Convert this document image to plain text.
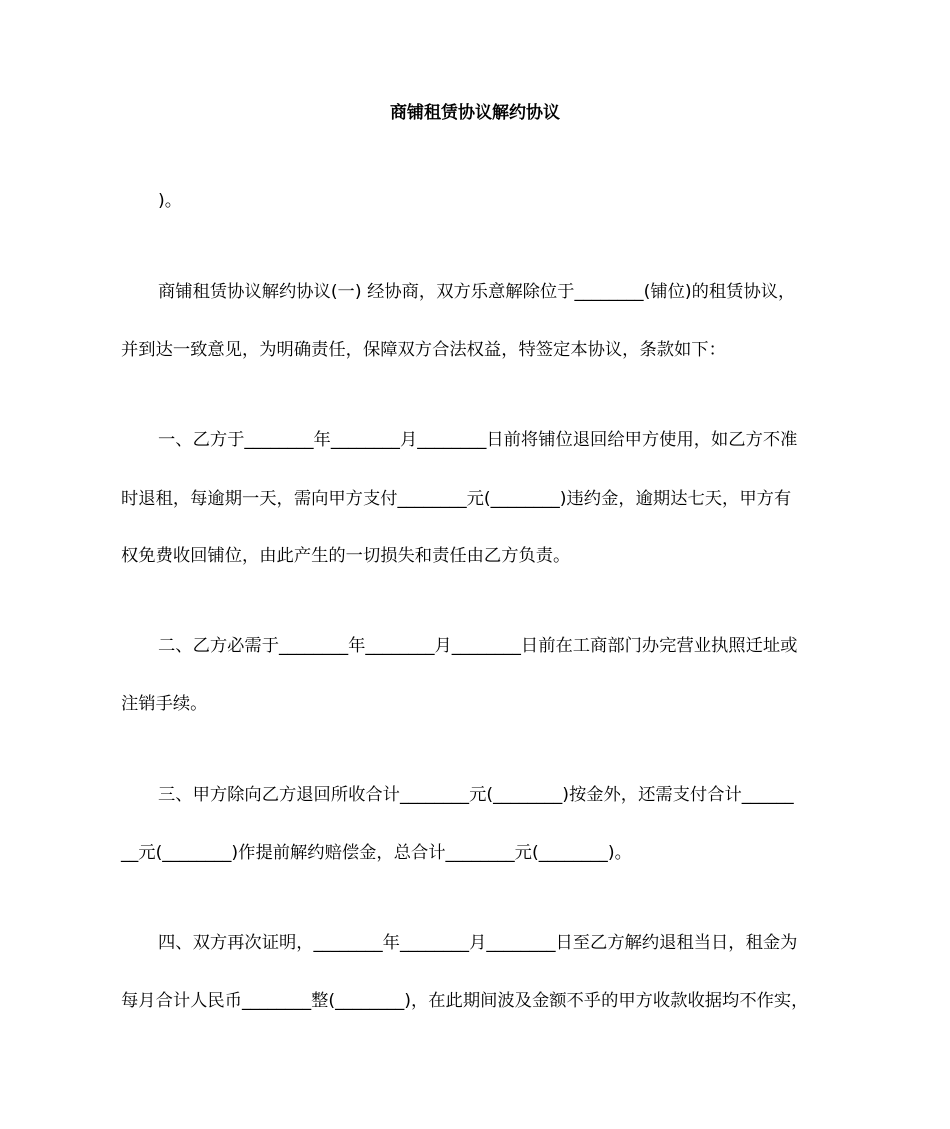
商铺租赁协议解约协议
)。
商铺租赁协议解约协议(一) 经协商，双方乐意解除位于________(铺位)的租赁协议，
并到达一致意见，为明确责任，保障双方合法权益，特签定本协议，条款如下：
一、乙方于________年________月________日前将铺位退回给甲方使用，如乙方不准
时退租，每逾期一天，需向甲方支付________元(________)违约金，逾期达七天，甲方有
权免费收回铺位，由此产生的一切损失和责任由乙方负责。
二、乙方必需于________年________月________日前在工商部门办完营业执照迁址或
注销手续。
三、甲方除向乙方退回所收合计________元(________)按金外，还需支付合计______
__元(________)作提前解约赔偿金，总合计________元(________)。
四、双方再次证明，________年________月________日至乙方解约退租当日，租金为
每月合计人民币________整(________)，在此期间波及金额不乎的甲方收款收据均不作实，
